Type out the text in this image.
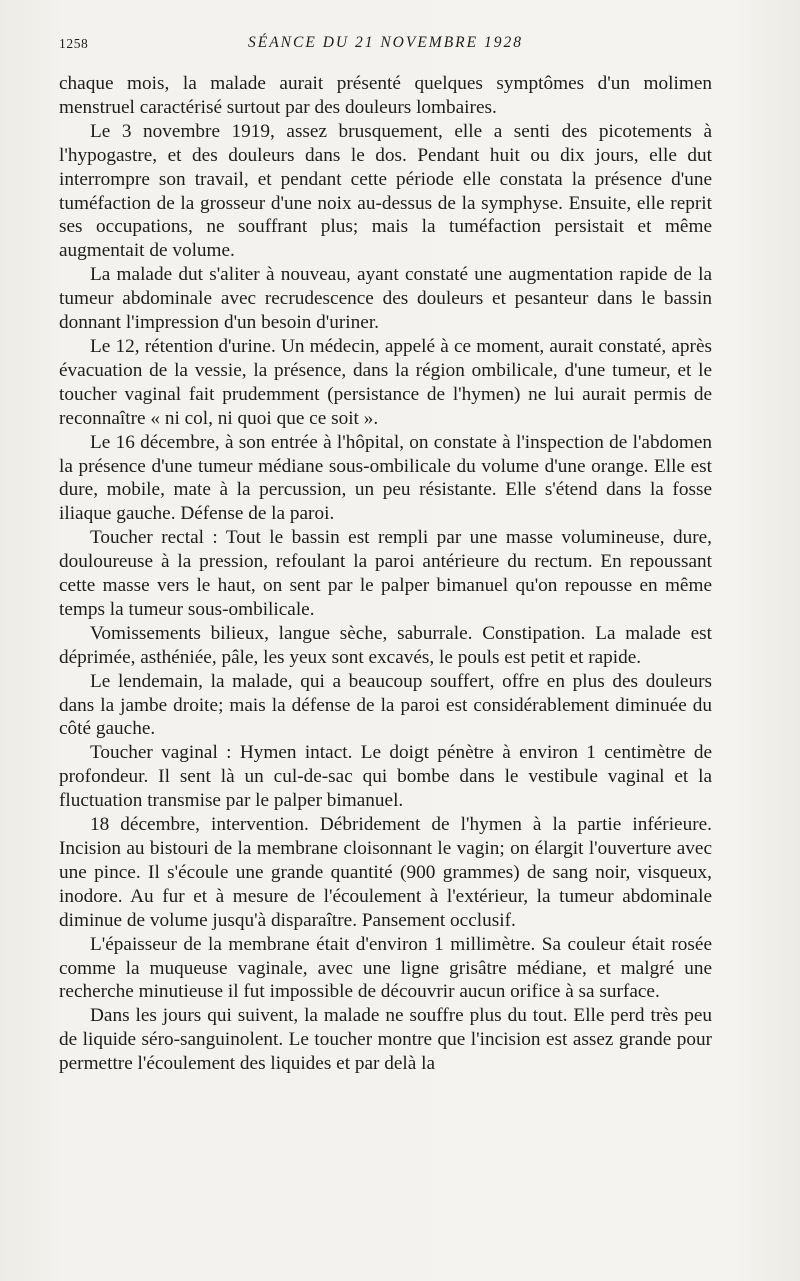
1258	SÉANCE DU 21 NOVEMBRE 1928

chaque mois, la malade aurait présenté quelques symptômes d'un molimen menstruel caractérisé surtout par des douleurs lombaires.

Le 3 novembre 1919, assez brusquement, elle a senti des picotements à l'hypogastre, et des douleurs dans le dos. Pendant huit ou dix jours, elle dut interrompre son travail, et pendant cette période elle constata la présence d'une tuméfaction de la grosseur d'une noix au-dessus de la symphyse. Ensuite, elle reprit ses occupations, ne souffrant plus; mais la tuméfaction persistait et même augmentait de volume.

La malade dut s'aliter à nouveau, ayant constaté une augmentation rapide de la tumeur abdominale avec recrudescence des douleurs et pesanteur dans le bassin donnant l'impression d'un besoin d'uriner.

Le 12, rétention d'urine. Un médecin, appelé à ce moment, aurait constaté, après évacuation de la vessie, la présence, dans la région ombilicale, d'une tumeur, et le toucher vaginal fait prudemment (persistance de l'hymen) ne lui aurait permis de reconnaître « ni col, ni quoi que ce soit ».

Le 16 décembre, à son entrée à l'hôpital, on constate à l'inspection de l'abdomen la présence d'une tumeur médiane sous-ombilicale du volume d'une orange. Elle est dure, mobile, mate à la percussion, un peu résistante. Elle s'étend dans la fosse iliaque gauche. Défense de la paroi.

Toucher rectal : Tout le bassin est rempli par une masse volumineuse, dure, douloureuse à la pression, refoulant la paroi antérieure du rectum. En repoussant cette masse vers le haut, on sent par le palper bimanuel qu'on repousse en même temps la tumeur sous-ombilicale.

Vomissements bilieux, langue sèche, saburrale. Constipation. La malade est déprimée, asthéniée, pâle, les yeux sont excavés, le pouls est petit et rapide.

Le lendemain, la malade, qui a beaucoup souffert, offre en plus des douleurs dans la jambe droite; mais la défense de la paroi est considérablement diminuée du côté gauche.

Toucher vaginal : Hymen intact. Le doigt pénètre à environ 1 centimètre de profondeur. Il sent là un cul-de-sac qui bombe dans le vestibule vaginal et la fluctuation transmise par le palper bimanuel.

18 décembre, intervention. Débridement de l'hymen à la partie inférieure. Incision au bistouri de la membrane cloisonnant le vagin; on élargit l'ouverture avec une pince. Il s'écoule une grande quantité (900 grammes) de sang noir, visqueux, inodore. Au fur et à mesure de l'écoulement à l'extérieur, la tumeur abdominale diminue de volume jusqu'à disparaître. Pansement occlusif.

L'épaisseur de la membrane était d'environ 1 millimètre. Sa couleur était rosée comme la muqueuse vaginale, avec une ligne grisâtre médiane, et malgré une recherche minutieuse il fut impossible de découvrir aucun orifice à sa surface.

Dans les jours qui suivent, la malade ne souffre plus du tout. Elle perd très peu de liquide séro-sanguinolent. Le toucher montre que l'incision est assez grande pour permettre l'écoulement des liquides et par delà la
